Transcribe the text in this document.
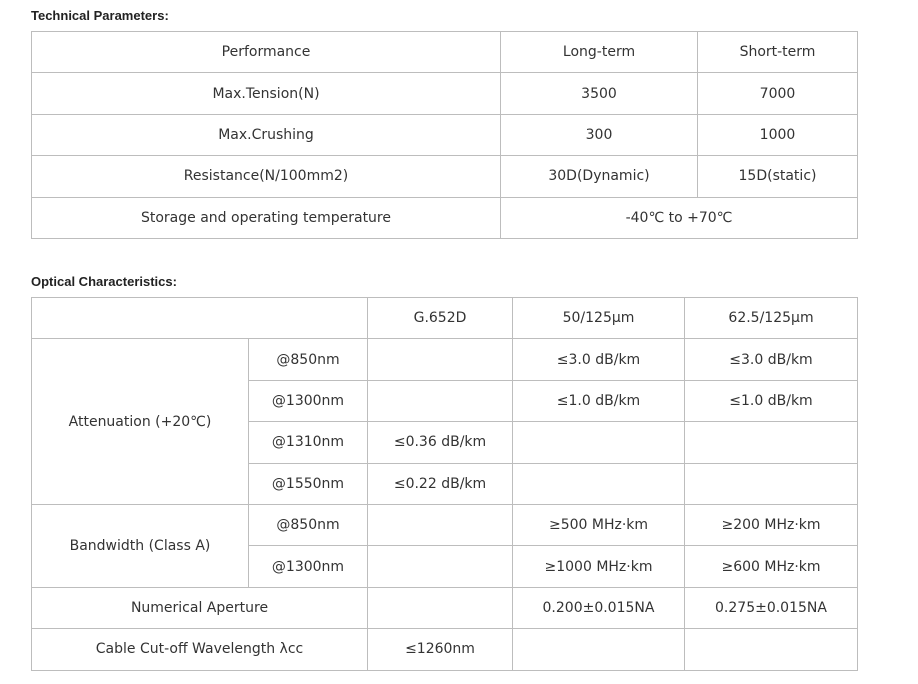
Technical Parameters:
Performance	Long-term	Short-term
Max.Tension(N)	3500	7000
Max.Crushing	300	1000
Resistance(N/100mm2)	30D(Dynamic)	15D(static)
Storage and operating temperature	-40℃ to +70℃	
Optical Characteristics:
		G.652D	50/125μm	62.5/125μm
Attenuation (+20℃)	@850nm		≤3.0 dB/km	≤3.0 dB/km
	@1300nm		≤1.0 dB/km	≤1.0 dB/km
	@1310nm	≤0.36 dB/km		
	@1550nm	≤0.22 dB/km		
Bandwidth (Class A)	@850nm		≥500 MHz·km	≥200 MHz·km
	@1300nm		≥1000 MHz·km	≥600 MHz·km
Numerical Aperture			0.200±0.015NA	0.275±0.015NA
Cable Cut-off Wavelength λcc		≤1260nm		
